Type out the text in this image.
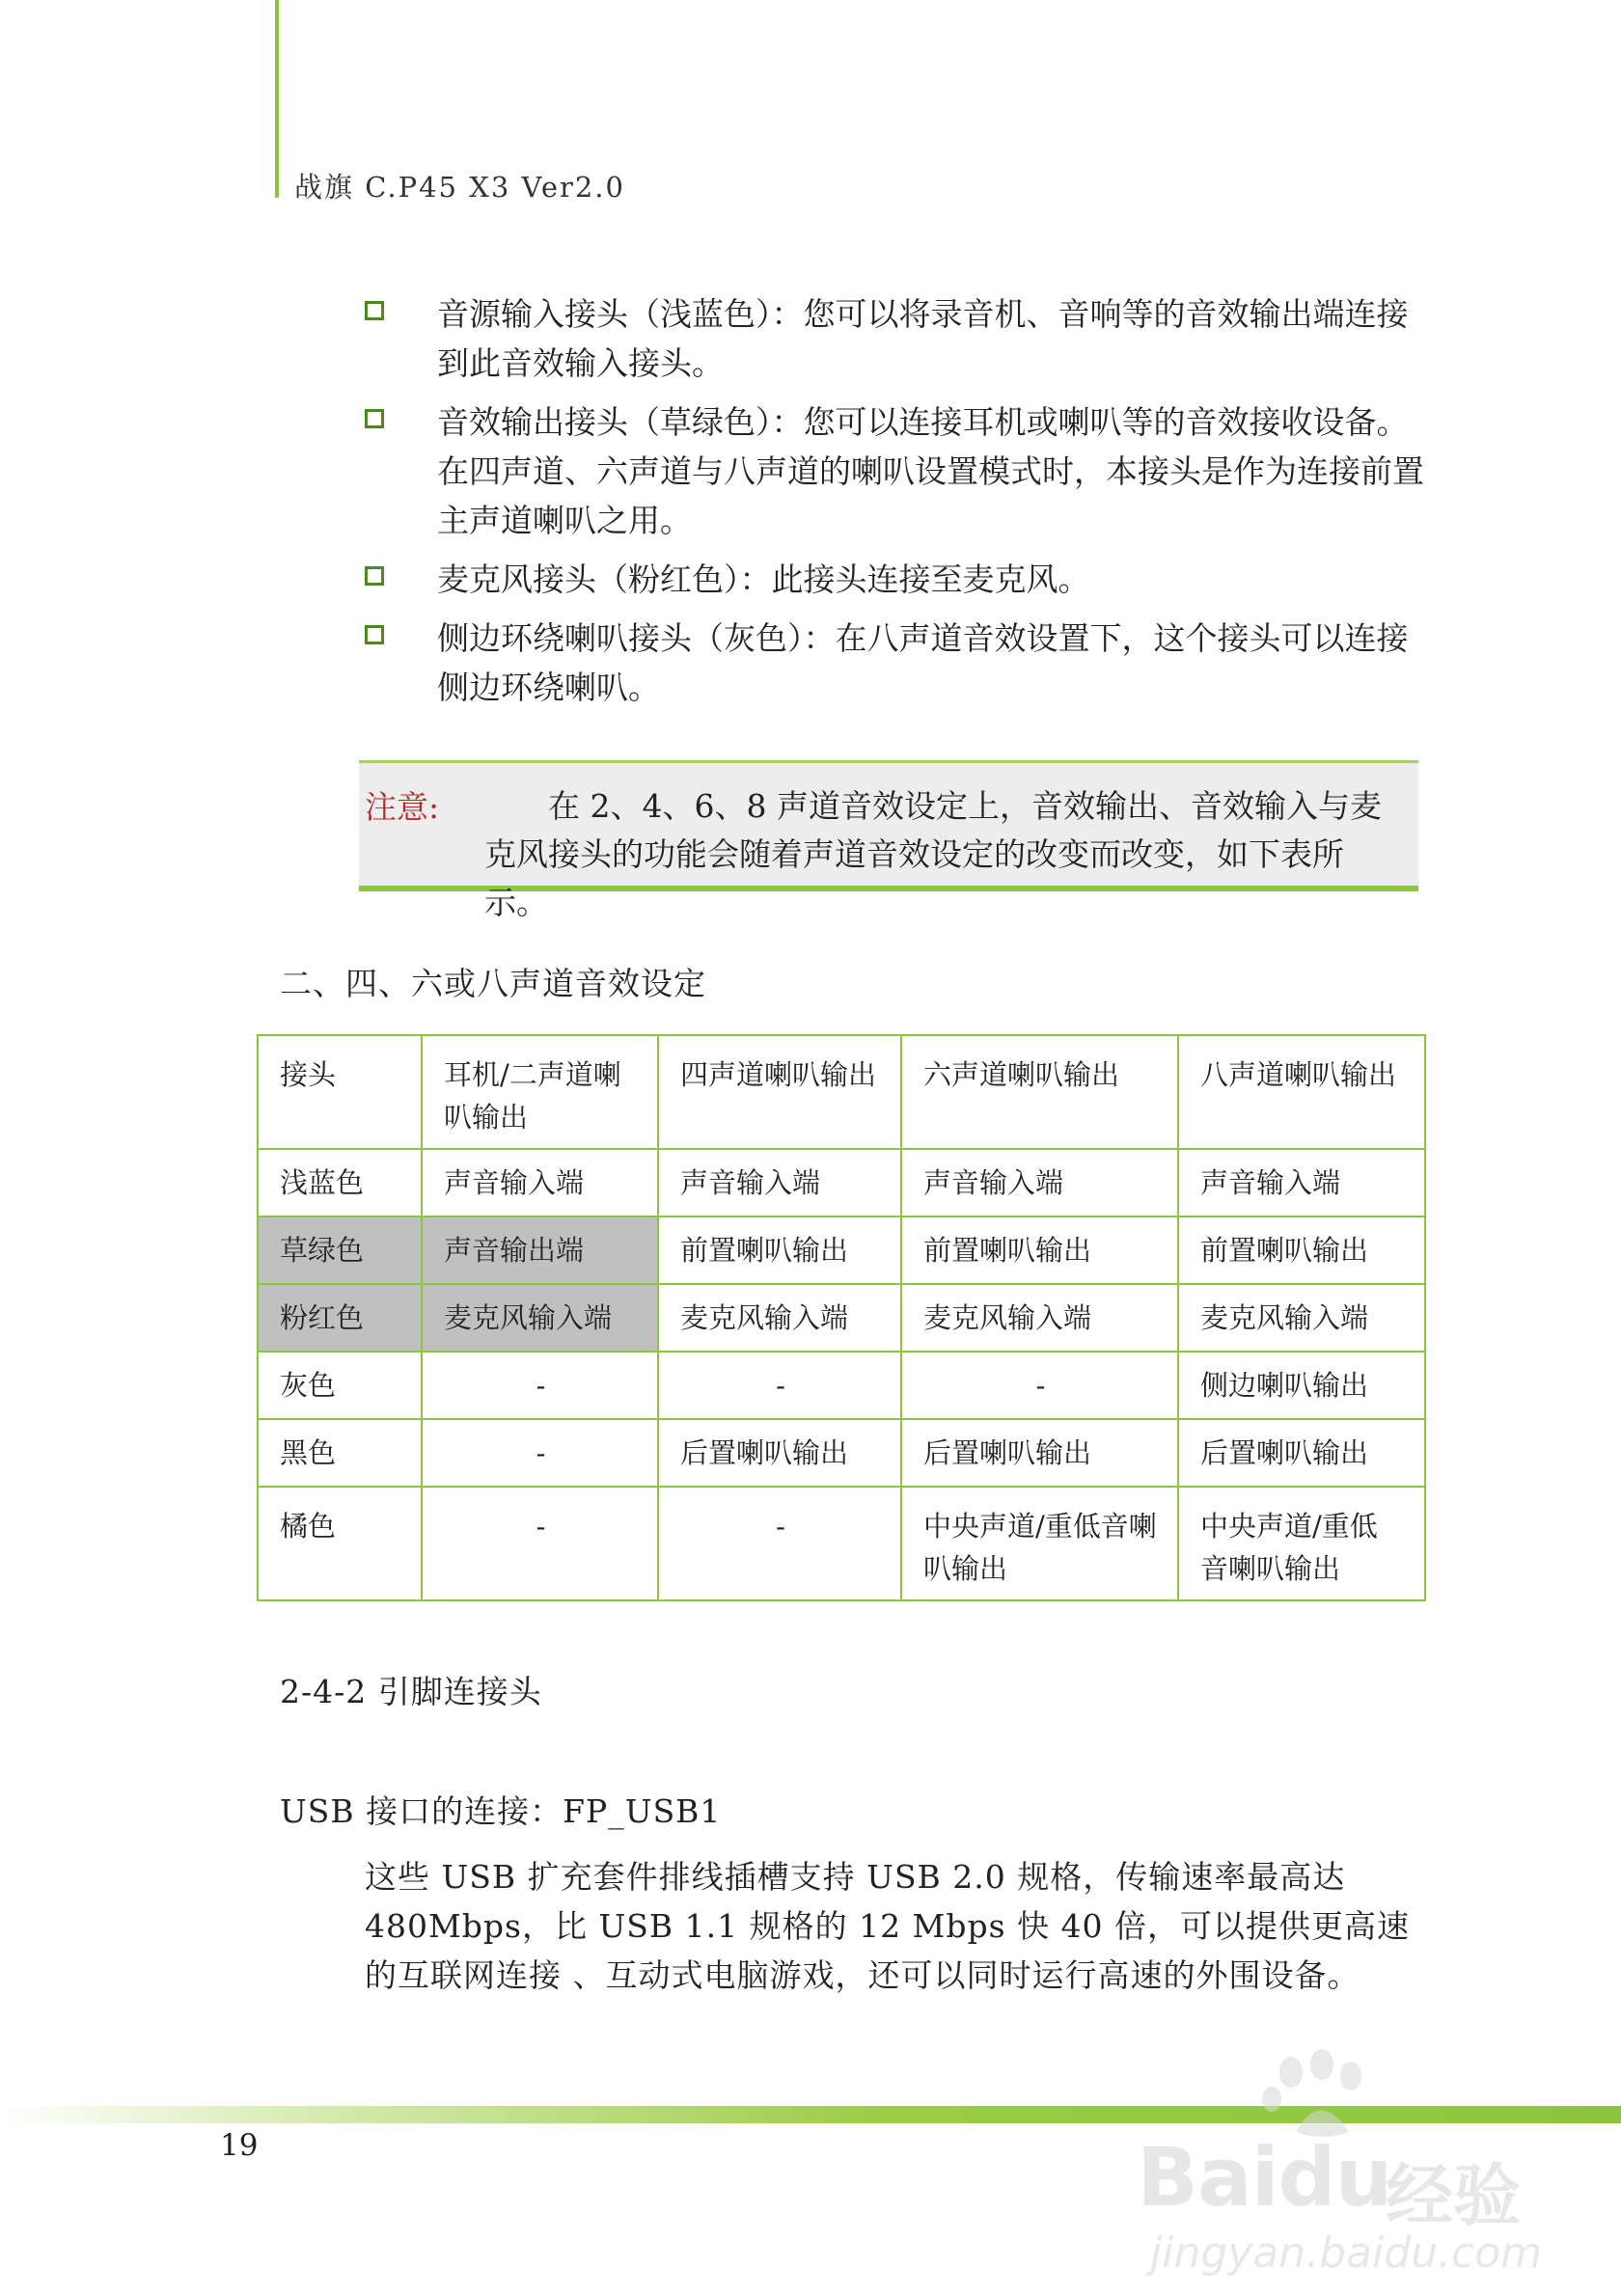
战旗 C.P45 X3 Ver2.0
音源输入接头（浅蓝色）：您可以将录音机、音响等的音效输出端连接到此音效输入接头。
音效输出接头（草绿色）：您可以连接耳机或喇叭等的音效接收设备。在四声道、六声道与八声道的喇叭设置模式时，本接头是作为连接前置主声道喇叭之用。
麦克风接头（粉红色）：此接头连接至麦克风。
侧边环绕喇叭接头（灰色）：在八声道音效设置下，这个接头可以连接侧边环绕喇叭。
注意:	在 2、4、6、8 声道音效设定上，音效输出、音效输入与麦克风接头的功能会随着声道音效设定的改变而改变，如下表所示。
二、四、六或八声道音效设定
接头	耳机/二声道喇叭输出	四声道喇叭输出	六声道喇叭输出	八声道喇叭输出
浅蓝色	声音输入端	声音输入端	声音输入端	声音输入端
草绿色	声音输出端	前置喇叭输出	前置喇叭输出	前置喇叭输出
粉红色	麦克风输入端	麦克风输入端	麦克风输入端	麦克风输入端
灰色	-	-	-	侧边喇叭输出
黑色	-	后置喇叭输出	后置喇叭输出	后置喇叭输出
橘色	-	-	中央声道/重低音喇叭输出	中央声道/重低音喇叭输出
2-4-2 引脚连接头
USB 接口的连接：FP_USB1
这些 USB 扩充套件排线插槽支持 USB 2.0 规格，传输速率最高达 480Mbps，比 USB 1.1 规格的 12 Mbps 快 40 倍，可以提供更高速的互联网连接 、互动式电脑游戏，还可以同时运行高速的外围设备。
19	Baidu
经验
jingyan.baidu.com
